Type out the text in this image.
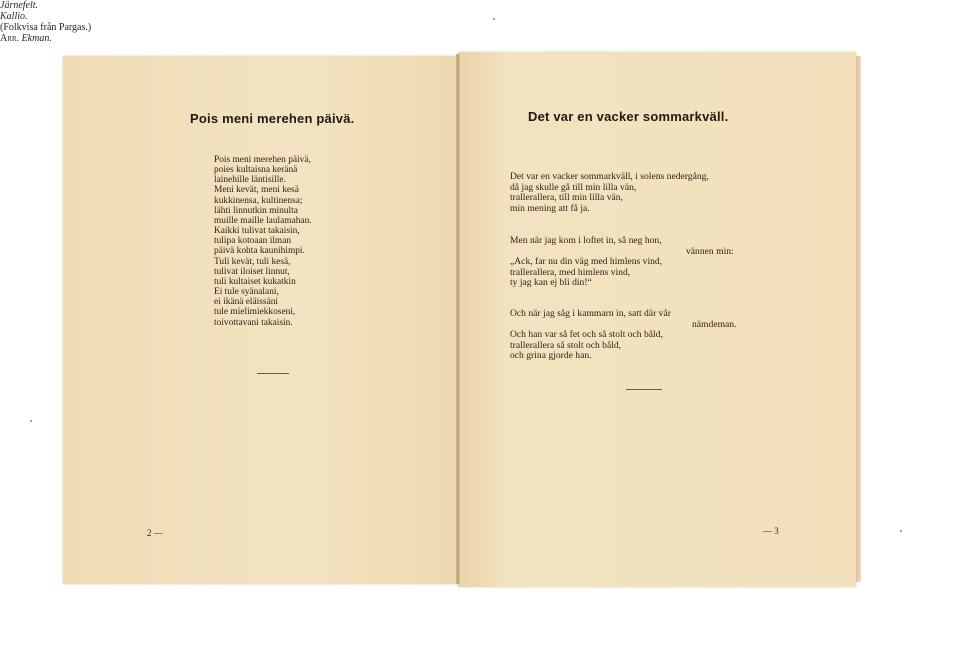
Pois meni merehen päivä.
Järnefelt.
Pois meni merehen päivä,
poies kultaisna keränä
lainehille läntisille.
Meni kevät, meni kesä
kukkinensa, kultinensa;
lähti linnutkin minulta
muille maille laulamahan.
Kaikki tulivat takaisin,
tulipa kotoaan ilman
päivä kohta kaunihimpi.
Tuli kevät, tuli kesä,
tulivat iloiset linnut,
tuli kultaiset kukatkin
Ei tule syänalani,
ei ikänä eläissäni
tule mielimiekkoseni,
toivottavani takaisin.
Kallio.
2 —
Det var en vacker sommarkväll.
(Folkvisa från Pargas.)
Arr. Ekman.
Det var en vacker sommarkväll, i solens nedergång,
då jag skulle gå till min lilla vän,
trallerallera, till min lilla vän,
min mening att få ja.
Men när jag kom i loftet in, så neg hon,
vännen min:
„Ack, far nu din väg med himlens vind,
trallerallera, med himlens vind,
ty jag kan ej bli din!“
Och när jag såg i kammarn in, satt där vår
nämdeman.
Och han var så fet och så stolt och båld,
trallerallera så stolt och båld,
och grina gjorde han.
— 3
